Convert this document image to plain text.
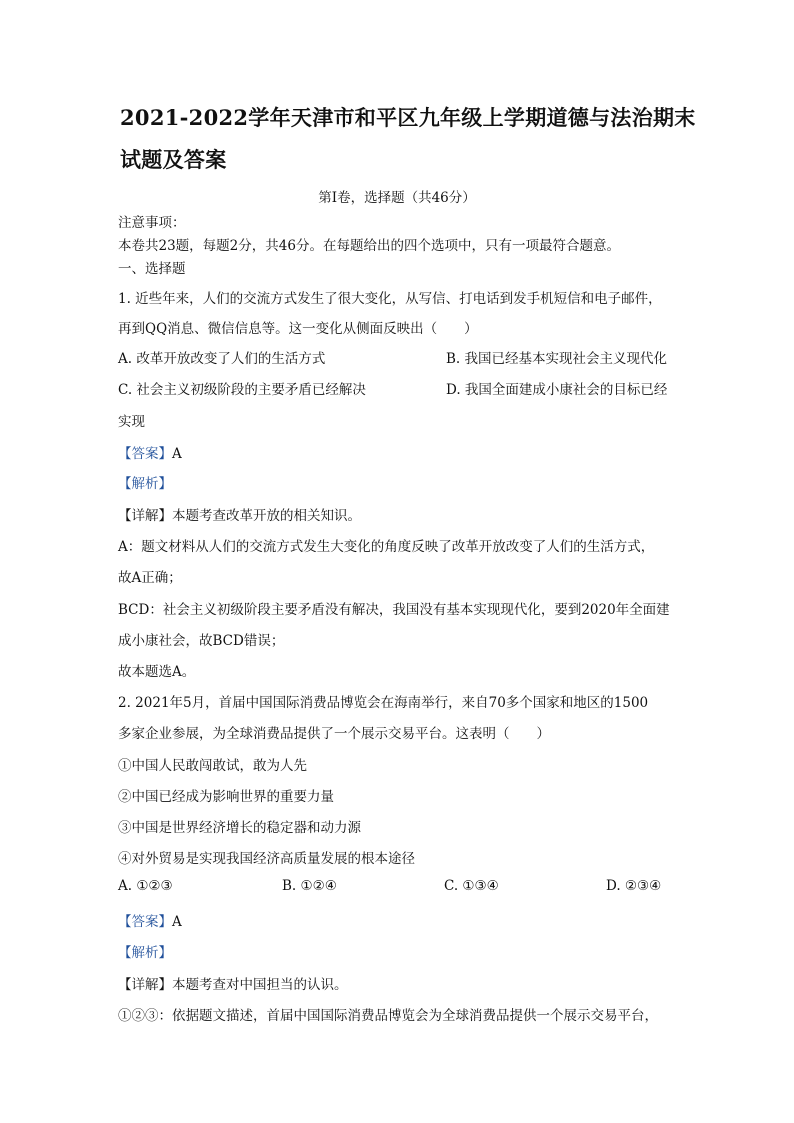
2021-2022学年天津市和平区九年级上学期道德与法治期末
试题及答案
第Ⅰ卷，选择题（共46分）
注意事项：
本卷共23题，每题2分，共46分。在每题给出的四个选项中，只有一项最符合题意。
一、选择题
1. 近些年来，人们的交流方式发生了很大变化，从写信、打电话到发手机短信和电子邮件，
再到QQ消息、微信信息等。这一变化从侧面反映出（　　）
A. 改革开放改变了人们的生活方式	B. 我国已经基本实现社会主义现代化
C. 社会主义初级阶段的主要矛盾已经解决	D. 我国全面建成小康社会的目标已经
实现
【答案】A
【解析】
【详解】本题考查改革开放的相关知识。
A：题文材料从人们的交流方式发生大变化的角度反映了改革开放改变了人们的生活方式，
故A正确；
BCD：社会主义初级阶段主要矛盾没有解决，我国没有基本实现现代化，要到2020年全面建
成小康社会，故BCD错误；
故本题选A。
2. 2021年5月，首届中国国际消费品博览会在海南举行，来自70多个国家和地区的1500
多家企业参展，为全球消费品提供了一个展示交易平台。这表明（　　）
①中国人民敢闯敢试，敢为人先
②中国已经成为影响世界的重要力量
③中国是世界经济增长的稳定器和动力源
④对外贸易是实现我国经济高质量发展的根本途径
A. ①②③	B. ①②④	C. ①③④	D. ②③④
【答案】A
【解析】
【详解】本题考查对中国担当的认识。
①②③：依据题文描述，首届中国国际消费品博览会为全球消费品提供一个展示交易平台，
